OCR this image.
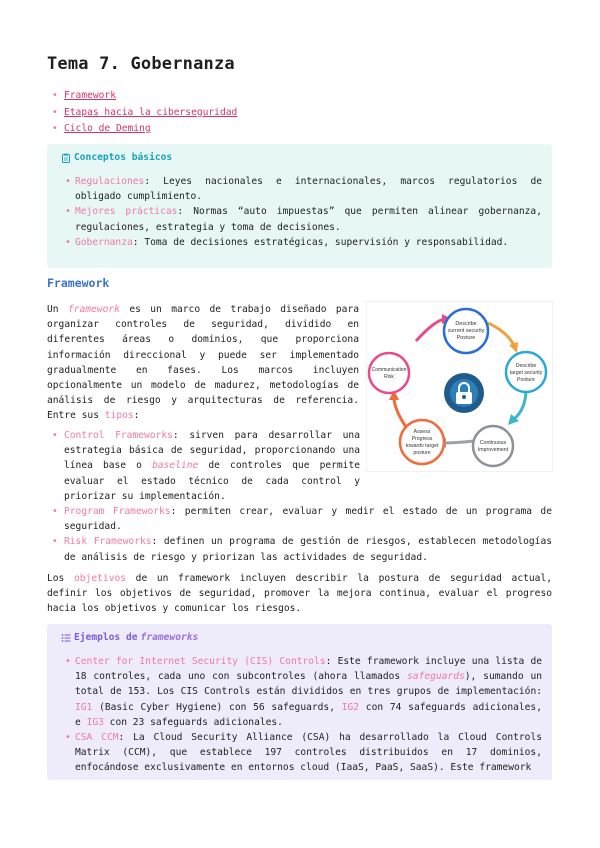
Tema 7. Gobernanza
• Framework
• Etapas hacia la ciberseguridad
• Ciclo de Deming
Conceptos básicos
• Regulaciones: Leyes nacionales e internacionales, marcos regulatorios de obligado cumplimiento.
• Mejores prácticas: Normas “auto impuestas” que permiten alinear gobernanza, regulaciones, estrategia y toma de decisiones.
• Gobernanza: Toma de decisiones estratégicas, supervisión y responsabilidad.
Framework

Un framework es un marco de trabajo diseñado para organizar controles de seguridad, dividido en diferentes áreas o dominios, que proporciona información direccional y puede ser implementado gradualmente en fases. Los marcos incluyen opcionalmente un modelo de madurez, metodologías de análisis de riesgo y arquitecturas de referencia. Entre sus tipos:

Describe
current security
Posture
Describe
target security
Posture
Continuous
Improvement
Assess
Progress
towards target
posture
Communication
Risk
• Control Frameworks: sirven para desarrollar una estrategia básica de seguridad, proporcionando una línea base o baseline de controles que permite evaluar el estado técnico de cada control y priorizar su implementación.
• Program Frameworks: permiten crear, evaluar y medir el estado de un programa de seguridad.
• Risk Frameworks: definen un programa de gestión de riesgos, establecen metodologías de análisis de riesgo y priorizan las actividades de seguridad.

Los objetivos de un framework incluyen describir la postura de seguridad actual, definir los objetivos de seguridad, promover la mejora continua, evaluar el progreso hacia los objetivos y comunicar los riesgos.

Ejemplos de frameworks
• Center for Internet Security (CIS) Controls: Este framework incluye una lista de 18 controles, cada uno con subcontroles (ahora llamados safeguards), sumando un total de 153. Los CIS Controls están divididos en tres grupos de implementación: IG1 (Basic Cyber Hygiene) con 56 safeguards, IG2 con 74 safeguards adicionales, e IG3 con 23 safeguards adicionales.
• CSA CCM: La Cloud Security Alliance (CSA) ha desarrollado la Cloud Controls Matrix (CCM), que establece 197 controles distribuidos en 17 dominios, enfocándose exclusivamente en entornos cloud (IaaS, PaaS, SaaS). Este framework
